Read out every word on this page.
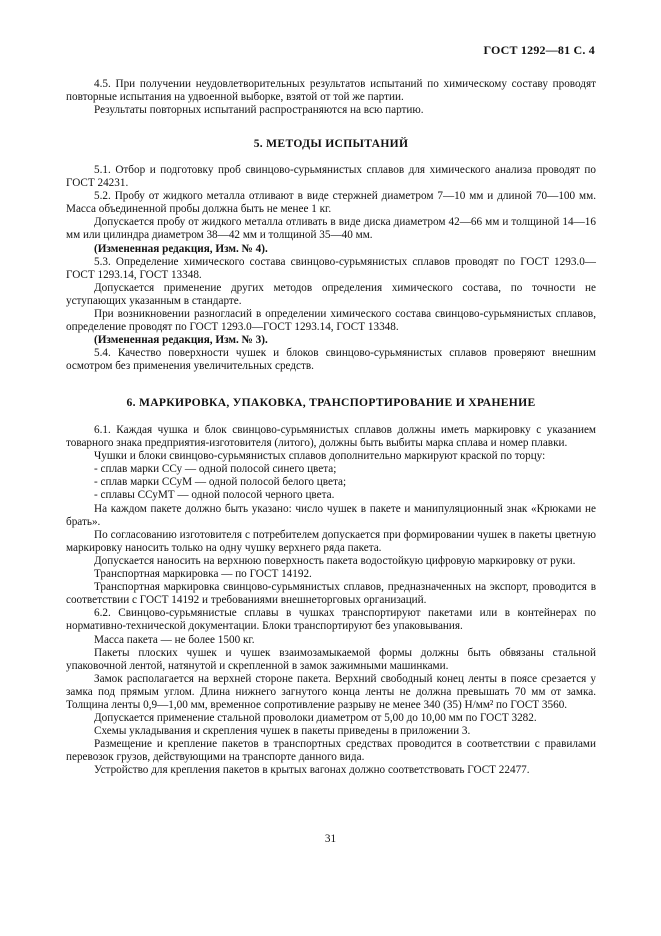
ГОСТ 1292—81 С. 4

4.5. При получении неудовлетворительных результатов испытаний по химическому составу проводят повторные испытания на удвоенной выборке, взятой от той же партии.

Результаты повторных испытаний распространяются на всю партию.

5. МЕТОДЫ ИСПЫТАНИЙ

5.1. Отбор и подготовку проб свинцово-сурьмянистых сплавов для химического анализа проводят по ГОСТ 24231.

5.2. Пробу от жидкого металла отливают в виде стержней диаметром 7—10 мм и длиной 70—100 мм. Масса объединенной пробы должна быть не менее 1 кг.

Допускается пробу от жидкого металла отливать в виде диска диаметром 42—66 мм и толщиной 14—16 мм или цилиндра диаметром 38—42 мм и толщиной 35—40 мм.

(Измененная редакция, Изм. № 4).

5.3. Определение химического состава свинцово-сурьмянистых сплавов проводят по ГОСТ 1293.0—ГОСТ 1293.14, ГОСТ 13348.

Допускается применение других методов определения химического состава, по точности не уступающих указанным в стандарте.

При возникновении разногласий в определении химического состава свинцово-сурьмянистых сплавов, определение проводят по ГОСТ 1293.0—ГОСТ 1293.14, ГОСТ 13348.

(Измененная редакция, Изм. № 3).

5.4. Качество поверхности чушек и блоков свинцово-сурьмянистых сплавов проверяют внешним осмотром без применения увеличительных средств.

6. МАРКИРОВКА, УПАКОВКА, ТРАНСПОРТИРОВАНИЕ И ХРАНЕНИЕ

6.1. Каждая чушка и блок свинцово-сурьмянистых сплавов должны иметь маркировку с указанием товарного знака предприятия-изготовителя (литого), должны быть выбиты марка сплава и номер плавки.

Чушки и блоки свинцово-сурьмянистых сплавов дополнительно маркируют краской по торцу:

- сплав марки ССу — одной полосой синего цвета;

- сплав марки ССуМ — одной полосой белого цвета;

- сплавы ССуМТ — одной полосой черного цвета.

На каждом пакете должно быть указано: число чушек в пакете и манипуляционный знак «Крюками не брать».

По согласованию изготовителя с потребителем допускается при формировании чушек в пакеты цветную маркировку наносить только на одну чушку верхнего ряда пакета.

Допускается наносить на верхнюю поверхность пакета водостойкую цифровую маркировку от руки.

Транспортная маркировка — по ГОСТ 14192.

Транспортная маркировка свинцово-сурьмянистых сплавов, предназначенных на экспорт, проводится в соответствии с ГОСТ 14192 и требованиями внешнеторговых организаций.

6.2. Свинцово-сурьмянистые сплавы в чушках транспортируют пакетами или в контейнерах по нормативно-технической документации. Блоки транспортируют без упаковывания.

Масса пакета — не более 1500 кг.

Пакеты плоских чушек и чушек взаимозамыкаемой формы должны быть обвязаны стальной упаковочной лентой, натянутой и скрепленной в замок зажимными машинками.

Замок располагается на верхней стороне пакета. Верхний свободный конец ленты в поясе срезается у замка под прямым углом. Длина нижнего загнутого конца ленты не должна превышать 70 мм от замка. Толщина ленты 0,9—1,00 мм, временное сопротивление разрыву не менее 340 (35) Н/мм² по ГОСТ 3560.

Допускается применение стальной проволоки диаметром от 5,00 до 10,00 мм по ГОСТ 3282.

Схемы укладывания и скрепления чушек в пакеты приведены в приложении 3.

Размещение и крепление пакетов в транспортных средствах проводится в соответствии с правилами перевозок грузов, действующими на транспорте данного вида.

Устройство для крепления пакетов в крытых вагонах должно соответствовать ГОСТ 22477.

31
